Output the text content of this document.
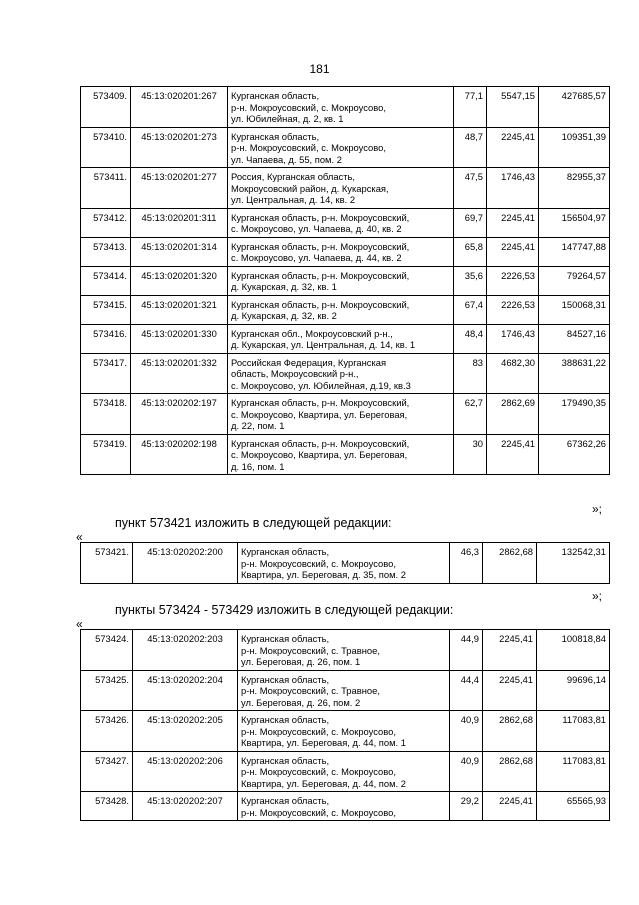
181
573409.	45:13:020201:267	Курганская область,
р-н. Мокроусовский, с. Мокроусово,
ул. Юбилейная, д. 2, кв. 1	77,1	5547,15	427685,57
573410.	45:13:020201:273	Курганская область,
р-н. Мокроусовский, с. Мокроусово,
ул. Чапаева, д. 55, пом. 2	48,7	2245,41	109351,39
573411.	45:13:020201:277	Россия, Курганская область,
Мокроусовский район, д. Кукарская,
ул. Центральная, д. 14, кв. 2	47,5	1746,43	82955,37
573412.	45:13:020201:311	Курганская область, р-н. Мокроусовский,
с. Мокроусово, ул. Чапаева, д. 40, кв. 2	69,7	2245,41	156504,97
573413.	45:13:020201:314	Курганская область, р-н. Мокроусовский,
с. Мокроусово, ул. Чапаева, д. 44, кв. 2	65,8	2245,41	147747,88
573414.	45:13:020201:320	Курганская область, р-н. Мокроусовский,
д. Кукарская, д. 32, кв. 1	35,6	2226,53	79264,57
573415.	45:13:020201:321	Курганская область, р-н. Мокроусовский,
д. Кукарская, д. 32, кв. 2	67,4	2226,53	150068,31
573416.	45:13:020201:330	Курганская обл., Мокроусовский р-н.,
д. Кукарская, ул. Центральная, д. 14, кв. 1	48,4	1746,43	84527,16
573417.	45:13:020201:332	Российская Федерация, Курганская
область, Мокроусовский р-н.,
с. Мокроусово, ул. Юбилейная, д.19, кв.3	83	4682,30	388631,22
573418.	45:13:020202:197	Курганская область, р-н. Мокроусовский,
с. Мокроусово, Квартира, ул. Береговая,
д. 22, пом. 1	62,7	2862,69	179490,35
573419.	45:13:020202:198	Курганская область, р-н. Мокроусовский,
с. Мокроусово, Квартира, ул. Береговая,
д. 16, пом. 1	30	2245,41	67362,26
»;
пункт 573421 изложить в следующей редакции:
«
573421.	45:13:020202:200	Курганская область,
р-н. Мокроусовский, с. Мокроусово,
Квартира, ул. Береговая, д. 35, пом. 2
	46,3	2862,68	132542,31
»;
пункты 573424 - 573429 изложить в следующей редакции:
«
573424.	45:13:020202:203	Курганская область,
р-н. Мокроусовский, с. Травное,
ул. Береговая, д. 26, пом. 1	44,9	2245,41	100818,84
573425.	45:13:020202:204	Курганская область,
р-н. Мокроусовский, с. Травное,
ул. Береговая, д. 26, пом. 2	44,4	2245,41	99696,14
573426.	45:13:020202:205	Курганская область,
р-н. Мокроусовский, с. Мокроусово,
Квартира, ул. Береговая, д. 44, пом. 1	40,9	2862,68	117083,81
573427.	45:13:020202:206	Курганская область,
р-н. Мокроусовский, с. Мокроусово,
Квартира, ул. Береговая, д. 44, пом. 2	40,9	2862,68	117083,81
573428.	45:13:020202:207	Курганская область,
р-н. Мокроусовский, с. Мокроусово,	29,2	2245,41	65565,93
